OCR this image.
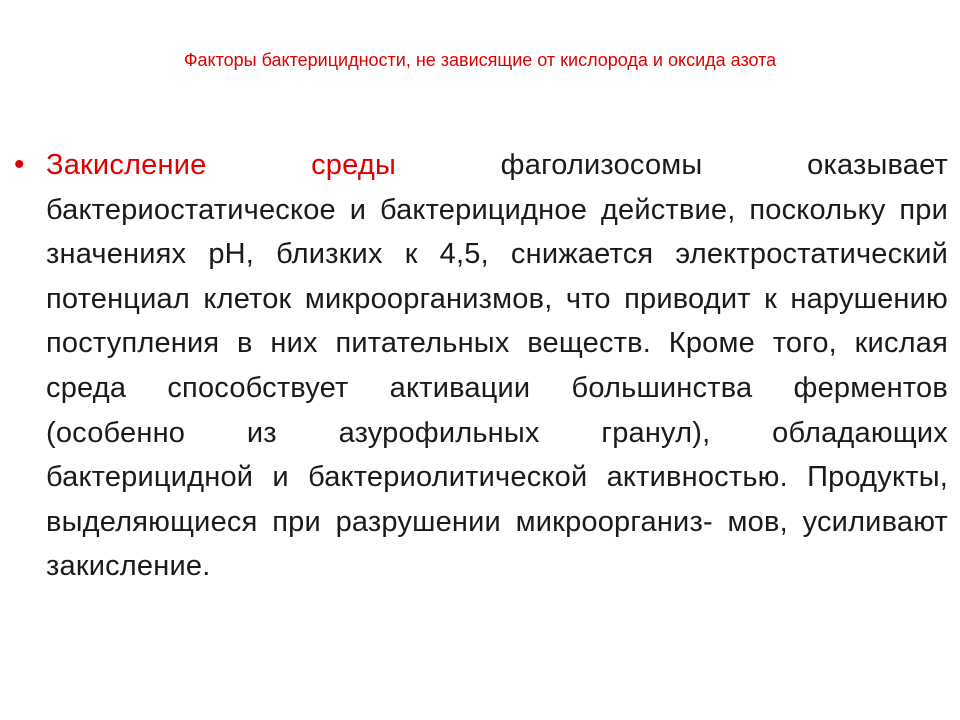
Факторы бактерицидности, не зависящие от кислорода и оксида азота
• Закисление среды фаголизосомы оказывает бактериостатическое и бактерицидное действие, поскольку при значениях рН, близких к 4,5, снижается электростатический потенциал клеток микроорганизмов, что приводит к нарушению поступления в них питательных веществ. Кроме того, кислая среда способствует активации большинства ферментов (особенно из азурофильных гранул), обладающих бактерицидной и бактериолитической активностью. Продукты, выделяющиеся при разрушении микроорганиз- мов, усиливают закисление.
